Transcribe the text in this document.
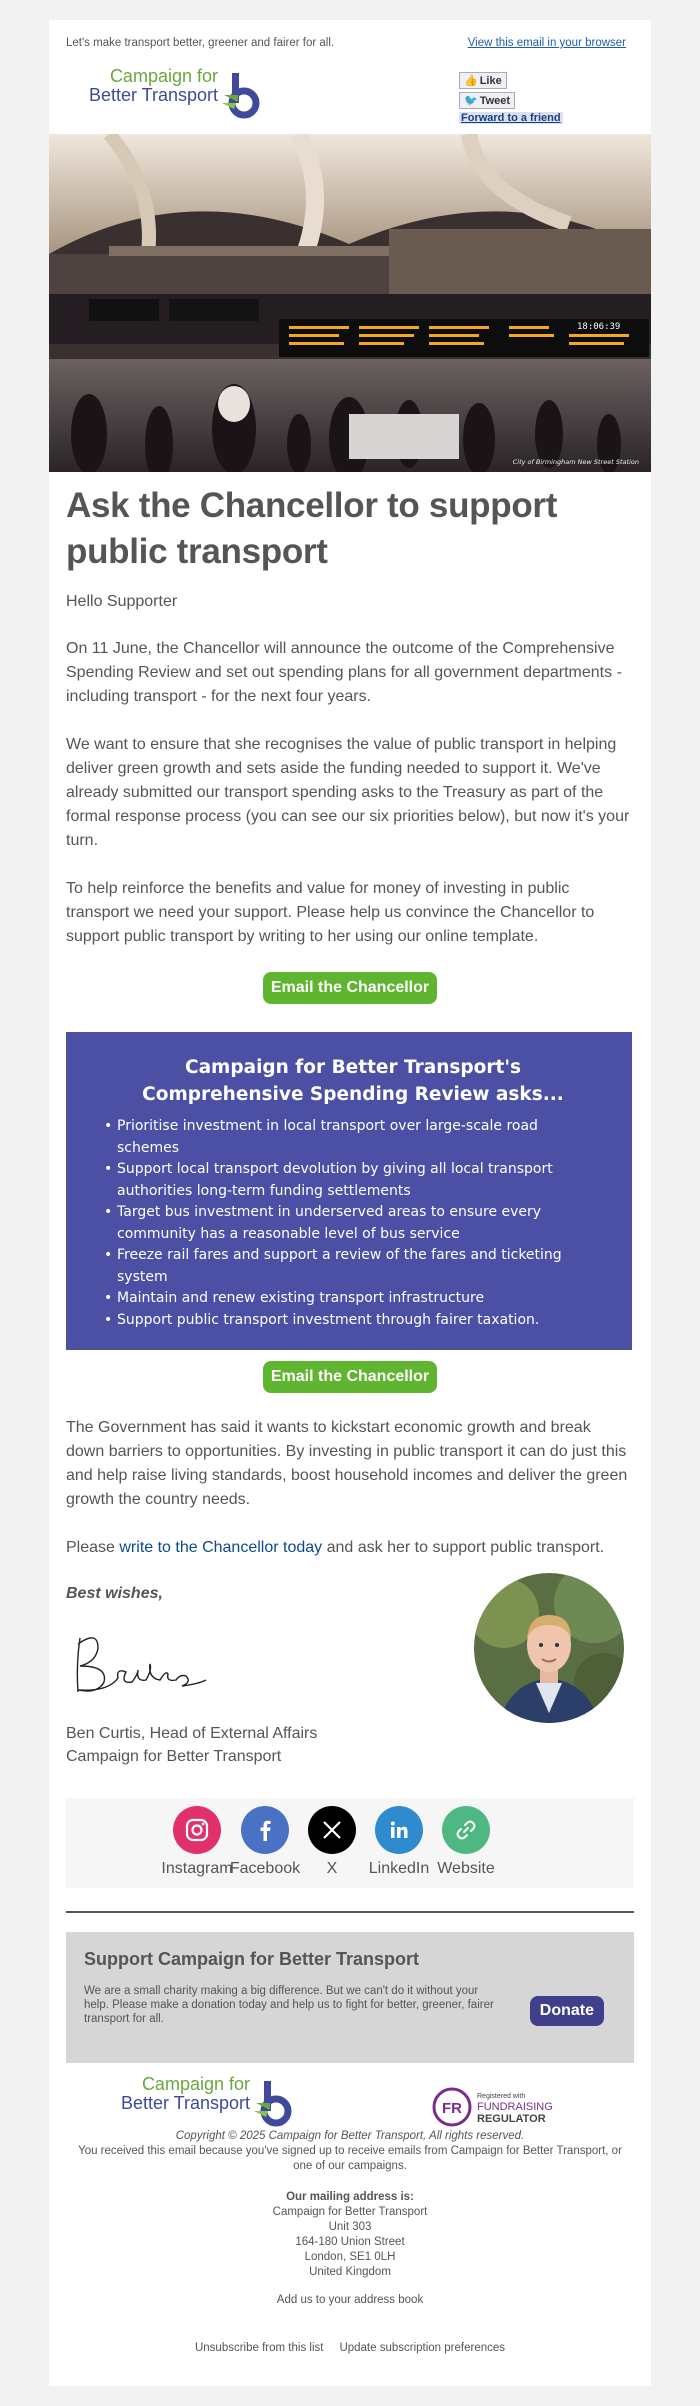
Let's make transport better, greener and fairer for all.	View this email in your browser
Campaign for
Better Transport
👍 Like
🐦 Tweet
Forward to a friend
18:06:39
City of Birmingham New Street Station
Ask the Chancellor to support public transport
Hello Supporter
On 11 June, the Chancellor will announce the outcome of the Comprehensive Spending Review and set out spending plans for all government departments - including transport - for the next four years.
We want to ensure that she recognises the value of public transport in helping deliver green growth and sets aside the funding needed to support it. We've already submitted our transport spending asks to the Treasury as part of the formal response process (you can see our six priorities below), but now it's your turn.
To help reinforce the benefits and value for money of investing in public transport we need your support. Please help us convince the Chancellor to support public transport by writing to her using our online template.
Email the Chancellor
Campaign for Better Transport's Comprehensive Spending Review asks...
• Prioritise investment in local transport over large-scale road schemes
• Support local transport devolution by giving all local transport authorities long-term funding settlements
• Target bus investment in underserved areas to ensure every community has a reasonable level of bus service
• Freeze rail fares and support a review of the fares and ticketing system
• Maintain and renew existing transport infrastructure
• Support public transport investment through fairer taxation.
Email the Chancellor
The Government has said it wants to kickstart economic growth and break down barriers to opportunities. By investing in public transport it can do just this and help raise living standards, boost household incomes and deliver the green growth the country needs.
Please write to the Chancellor today and ask her to support public transport.
Best wishes,
Ben Curtis, Head of External Affairs
Campaign for Better Transport
Instagram
Facebook	X	LinkedIn Website
Support Campaign for Better Transport

We are a small charity making a big difference. But we can't do it without your help. Please make a donation today and help us to fight for better, greener, fairer transport for all.	Donate
Campaign for
Better Transport	FR
Registered with
FUNDRAISING
REGULATOR
Copyright © 2025 Campaign for Better Transport, All rights reserved.
You received this email because you've signed up to receive emails from Campaign for Better Transport, or one of our campaigns.
Our mailing address is:
Campaign for Better Transport
Unit 303
164-180 Union Street
London, SE1 0LH
United Kingdom
Add us to your address book
Unsubscribe from this list Update subscription preferences
